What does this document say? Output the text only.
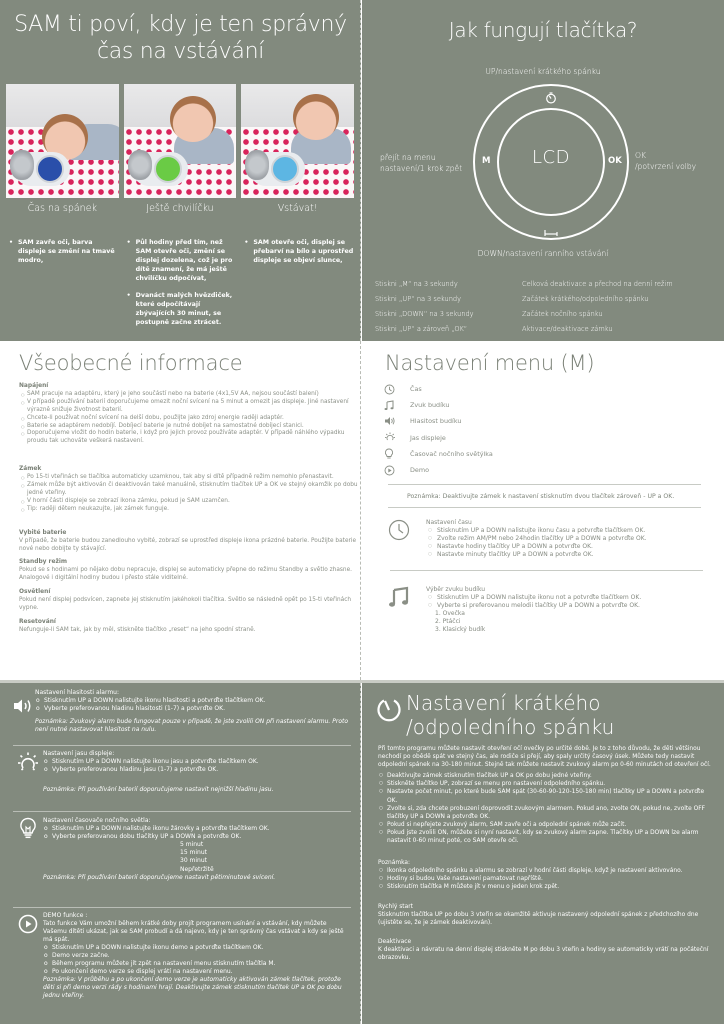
SAM ti poví, kdy je ten správný čas na vstávání
Čas na spánek	Ještě chvilíčku	Vstávat!
• SAM zavře oči, barva displeje se změní na tmavě modro,
• Půl hodiny před tím, než SAM otevře oči, změní se displej dozelena, což je pro dítě znamení, že má ještě chvilíčku odpočívat,
• Dvanáct malých hvězdiček, které odpočítávají zbývajících 30 minut, se postupně začne ztrácet.
• SAM otevře oči, displej se přebarví na bílo a uprostřed displeje se objeví slunce,
Jak fungují tlačítka?
UP/nastavení krátkého spánku
LCD
M	OK
přejít na menu nastavení/1 krok zpět
OK
/potvrzení volby
DOWN/nastavení ranního vstávání
Stiskni „M“ na 3 sekundy	Celková deaktivace a přechod na denní režim
Stiskni „UP“ na 3 sekundy	Začátek krátkého/odpoledního spánku
Stiskni „DOWN“ na 3 sekundy	Začátek nočního spánku
Stiskni „UP“ a zároveň „OK“	Aktivace/deaktivace zámku
Všeobecné informace
Napájení
○ SAM pracuje na adaptéru, který je jeho součástí nebo na baterie (4x1,5V AA, nejsou součástí balení)
○ V případě používání baterií doporučujeme omezit noční svícení na 5 minut a omezit jas displeje. Jiné nastavení výrazně snižuje životnost baterií.
○ Chcete-li používat noční svícení na delší dobu, použijte jako zdroj energie raději adaptér.
○ Baterie se adaptérem nedobíjí. Dobíjecí baterie je nutné dobíjet na samostatné dobíjecí stanici.
○ Doporučujeme vložit do hodin baterie, i když pro jejich provoz používáte adaptér. V případě náhlého výpadku proudu tak uchováte veškerá nastavení.
Zámek
○ Po 15-ti vteřinách se tlačítka automaticky uzamknou, tak aby si dítě případně režim nemohlo přenastavit.
○ Zámek může být aktivován či deaktivován také manuálně, stisknutím tlačítek UP a OK ve stejný okamžik po dobu jedné vteřiny.
○ V horní části displeje se zobrazí ikona zámku, pokud je SAM uzamčen.
○ Tip: raději dětem neukazujte, jak zámek funguje.
Vybité baterie

V případě, že baterie budou zanedlouho vybité, zobrazí se uprostřed displeje ikona prázdné baterie. Použijte baterie nové nebo dobijte ty stávající.

Standby režim

Pokud se s hodinami po nějako dobu nepracuje, displej se automaticky přepne do režimu Standby a světlo zhasne. Analogové i digitální hodiny budou i přesto stále viditelné.

Osvětlení

Pokud není displej podsvícen, zapnete jej stisknutím jakéhokoli tlačítka. Světlo se následně opět po 15-ti vteřinách vypne.

Resetování

Nefunguje-li SAM tak, jak by měl, stiskněte tlačítko „reset“ na jeho spodní straně.

Nastavení menu (M)
Čas
Zvuk budíku
Hlasitost budíku
Jas displeje
Časovač nočního světýlka
Demo
Poznámka: Deaktivujte zámek k nastavení stisknutím dvou tlačítek zároveň - UP a OK.
Nastavení času
○ Stisknutím UP a DOWN nalistujte ikonu času a potvrďte tlačítkem OK.
○ Zvolte režim AM/PM nebo 24hodin tlačítky UP a DOWN a potvrďte OK.
○ Nastavte hodiny tlačítky UP a DOWN a potvrďte OK.
○ Nastavte minuty tlačítky UP a DOWN a potvrďte OK.
Výběr zvuku budíku
○ Stisknutím UP a DOWN nalistujte ikonu not a potvrďte tlačítkem OK.
○ Vyberte si preferovanou melodii tlačítky UP a DOWN a potvrďte OK.
1. Ovečka
2. Ptáčci
3. Klasický budík
Nastavení hlasitosti alarmu:
o Stisknutím UP a DOWN nalistujte ikonu hlasitosti a potvrďte tlačítkem OK.
o Vyberte preferovanou hladinu hlasitosti (1-7) a potvrďte OK.
Poznámka: Zvukový alarm bude fungovat pouze v případě, že jste zvolili ON při nastavení alarmu. Proto není nutné nastavovat hlasitost na nulu.
Nastavení jasu displeje:
o Stisknutím UP a DOWN nalistujte ikonu jasu a potvrďte tlačítkem OK.
o Vyberte preferovanou hladinu jasu (1-7) a potvrďte OK.
Poznámka: Při používání baterií doporučujeme nastavit nejnižší hladinu jasu.
Nastavení časovače nočního světla:
o Stisknutím UP a DOWN nalistujte ikonu žárovky a potvrďte tlačítkem OK.
o Vyberte preferovanou dobu tlačítky UP a DOWN a potvrďte OK.
5 minut
15 minut
30 minut
Nepřetržitě
Poznámka: Při používání baterií doporučujeme nastavit pětiminutové svícení.
DEMO funkce :

Tato funkce Vám umožní během krátké doby projít programem usínání a vstávání, kdy můžete Vašemu dítěti ukázat, jak se SAM probudí a dá najevo, kdy je ten správný čas vstávat a kdy se ještě má spát.

o Stisknutím UP a DOWN nalistujte ikonu demo a potvrďte tlačítkem OK.
o Demo verze začne.
o Během programu můžete jít zpět na nastavení menu stisknutím tlačítla M.
o Po ukončení demo verze se displej vrátí na nastavení menu.
Poznámka: V průběhu a po ukončení demo verze je automaticky aktivován zámek tlačítek, protože děti si při demo verzi rády s hodinami hrají. Deaktivujte zámek stisknutím tlačítek UP a OK po dobu jednu vteřiny.
Nastavení krátkého
/odpoledního spánku

Při tomto programu můžete nastavit otevření očí ovečky po určité době. Je to z toho důvodu, že děti většinou nechodí po obědě spát ve stejný čas, ale rodiče si přejí, aby spaly určitý časový úsek. Můžete tedy nastavit odpolední spánek na 30-180 minut. Stejně tak můžete nastavit zvukový alarm po 0-60 minutách od otevření očí.

○ Deaktivujte zámek stisknutím tlačítek UP a OK po dobu jedné vteřiny.
○ Stiskněte tlačítko UP, zobrazí se menu pro nastavení odpoledního spánku.
○ Nastavte počet minut, po které bude SAM spát (30-60-90-120-150-180 min) tlačítky UP a DOWN a potvrďte OK.
○ Zvolte si, zda chcete probuzení doprovodit zvukovým alarmem. Pokud ano, zvolte ON, pokud ne, zvolte OFF tlačítky UP a DOWN a potvrďte OK.
○ Pokud si nepřejete zvukový alarm, SAM zavře oči a odpolední spánek může začít.
○ Pokud jste zvolili ON, můžete si nyní nastavit, kdy se zvukový alarm zapne. Tlačítky UP a DOWN lze alarm nastavit 0-60 minut poté, co SAM otevře oči.
Poznámka:
○ Ikonka odpoledního spánku a alarmu se zobrazí v hodní části displeje, když je nastavení aktivováno.
○ Hodiny si budou Vaše nastavení pamatovat napříště.
○ Stisknutím tlačítka M můžete jít v menu o jeden krok zpět.
Rychlý start

Stisknutím tlačítka UP po dobu 3 vteřin se okamžitě aktivuje nastavený odpolední spánek z předchozího dne (ujistěte se, že je zámek deaktivován).

Deaktivace

K deaktivaci a návratu na denní displej stiskněte M po dobu 3 vteřin a hodiny se automaticky vrátí na počáteční obrazovku.
